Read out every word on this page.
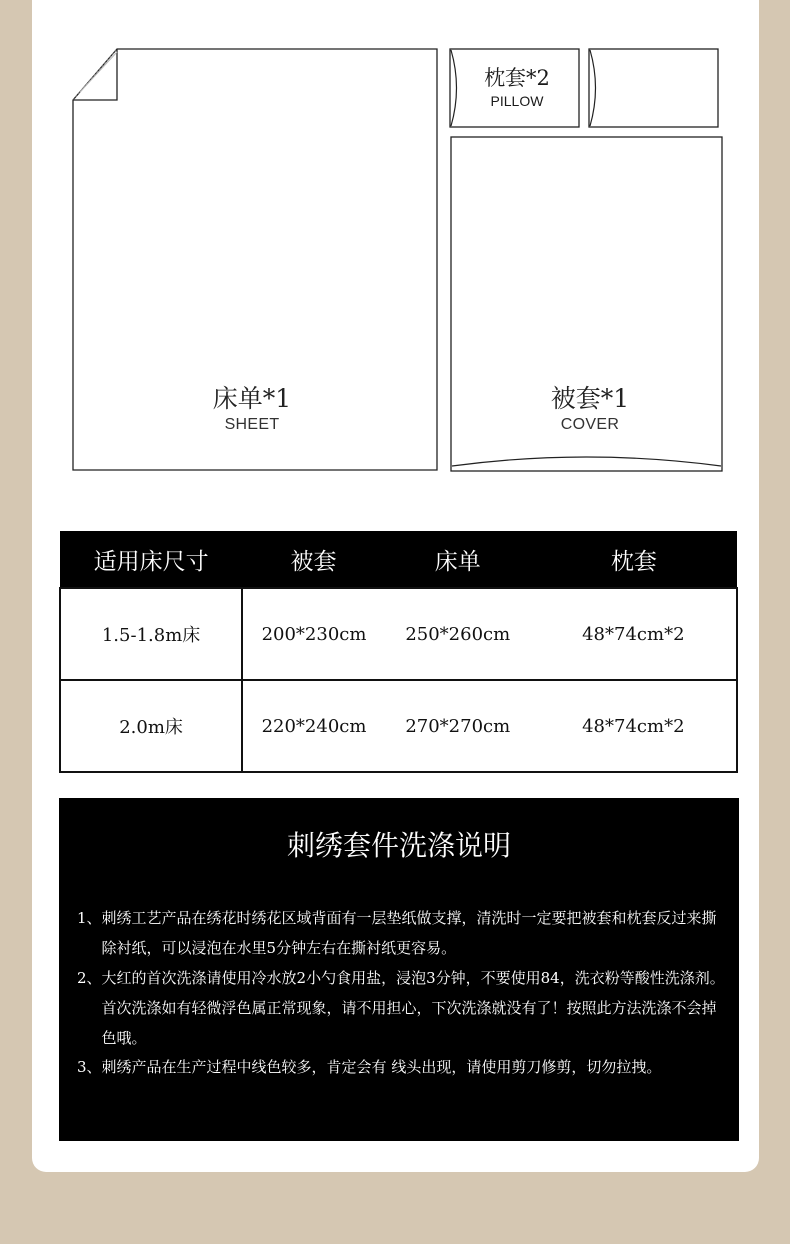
床单*1
SHEET
枕套*2
PILLOW
被套*1
COVER
适用床尺寸	被套	床单	枕套
1.5-1.8m床	200*230cm	250*260cm	48*74cm*2
2.0m床	220*240cm	270*270cm	48*74cm*2
刺绣套件洗涤说明
1、 刺绣工艺产品在绣花时绣花区域背面有一层垫纸做支撑，清洗时一定要把被套和枕套反过来撕除衬纸，可以浸泡在水里5分钟左右在撕衬纸更容易。
2、 大红的首次洗涤请使用冷水放2小勺食用盐，浸泡3分钟，不要使用84，洗衣粉等酸性洗涤剂。首次洗涤如有轻微浮色属正常现象，请不用担心，下次洗涤就没有了！按照此方法洗涤不会掉色哦。
3、 刺绣产品在生产过程中线色较多，肯定会有 线头出现，请使用剪刀修剪，切勿拉拽。
